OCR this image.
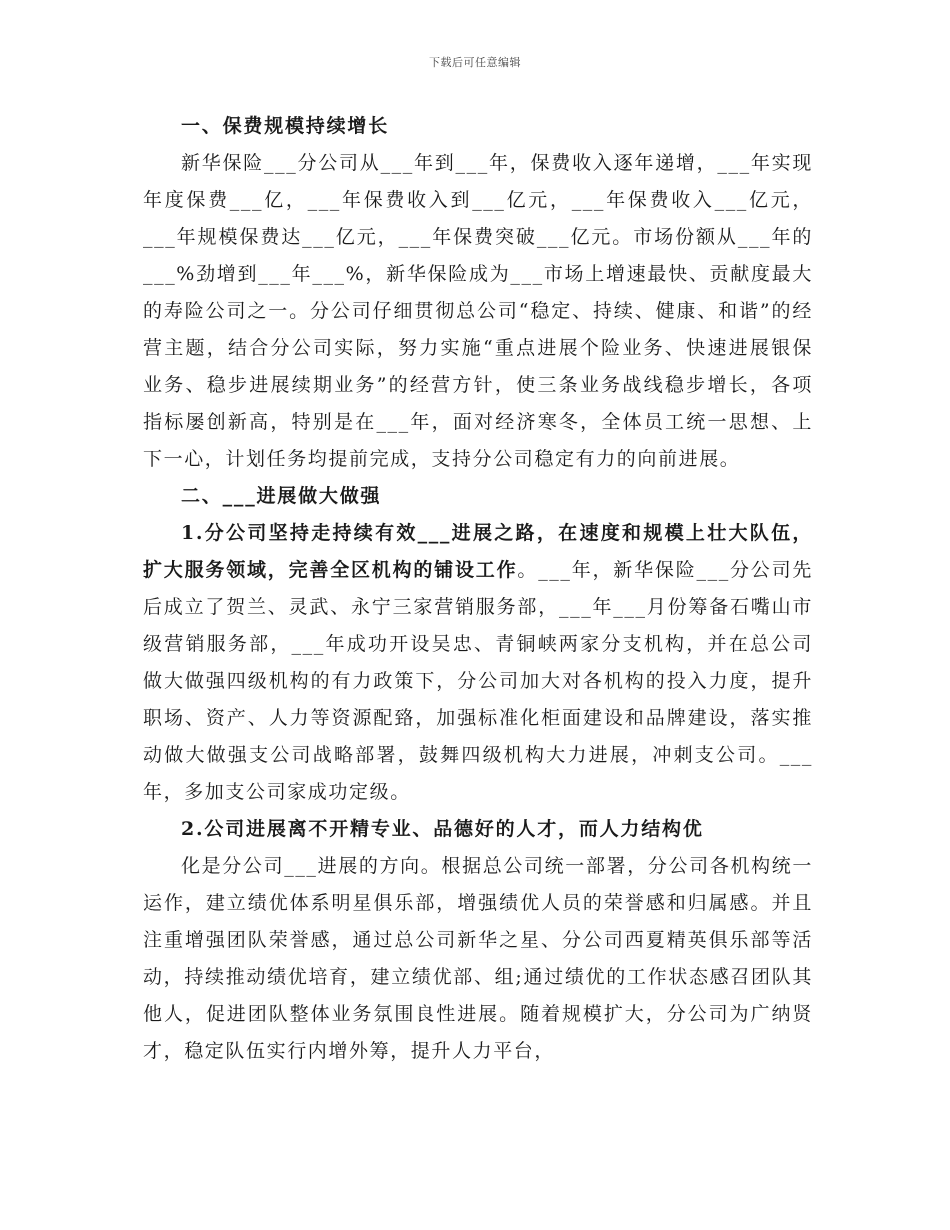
下载后可任意编辑

一、保费规模持续增长

新华保险___分公司从___年到___年，保费收入逐年递增，___年实现年度保费___亿，___年保费收入到___亿元，___年保费收入___亿元，___年规模保费达___亿元，___年保费突破___亿元。市场份额从___年的___%劲增到___年___%，新华保险成为___市场上增速最快、贡献度最大的寿险公司之一。分公司仔细贯彻总公司“稳定、持续、健康、和谐”的经营主题，结合分公司实际，努力实施“重点进展个险业务、快速进展银保业务、稳步进展续期业务”的经营方针，使三条业务战线稳步增长，各项指标屡创新高，特别是在___年，面对经济寒冬，全体员工统一思想、上下一心，计划任务均提前完成，支持分公司稳定有力的向前进展。

二、___进展做大做强

1.分公司坚持走持续有效___进展之路，在速度和规模上壮大队伍，扩大服务领域，完善全区机构的铺设工作。___年，新华保险___分公司先后成立了贺兰、灵武、永宁三家营销服务部，___年___月份筹备石嘴山市级营销服务部，___年成功开设吴忠、青铜峡两家分支机构，并在总公司做大做强四级机构的有力政策下，分公司加大对各机构的投入力度，提升职场、资产、人力等资源配臵，加强标准化柜面建设和品牌建设，落实推动做大做强支公司战略部署，鼓舞四级机构大力进展，冲刺支公司。___年，多加支公司家成功定级。

2.公司进展离不开精专业、品德好的人才，而人力结构优

化是分公司___进展的方向。根据总公司统一部署，分公司各机构统一运作，建立绩优体系明星俱乐部，增强绩优人员的荣誉感和归属感。并且注重增强团队荣誉感，通过总公司新华之星、分公司西夏精英俱乐部等活动，持续推动绩优培育，建立绩优部、组;通过绩优的工作状态感召团队其他人，促进团队整体业务氛围良性进展。随着规模扩大，分公司为广纳贤才，稳定队伍实行内增外筹，提升人力平台，
